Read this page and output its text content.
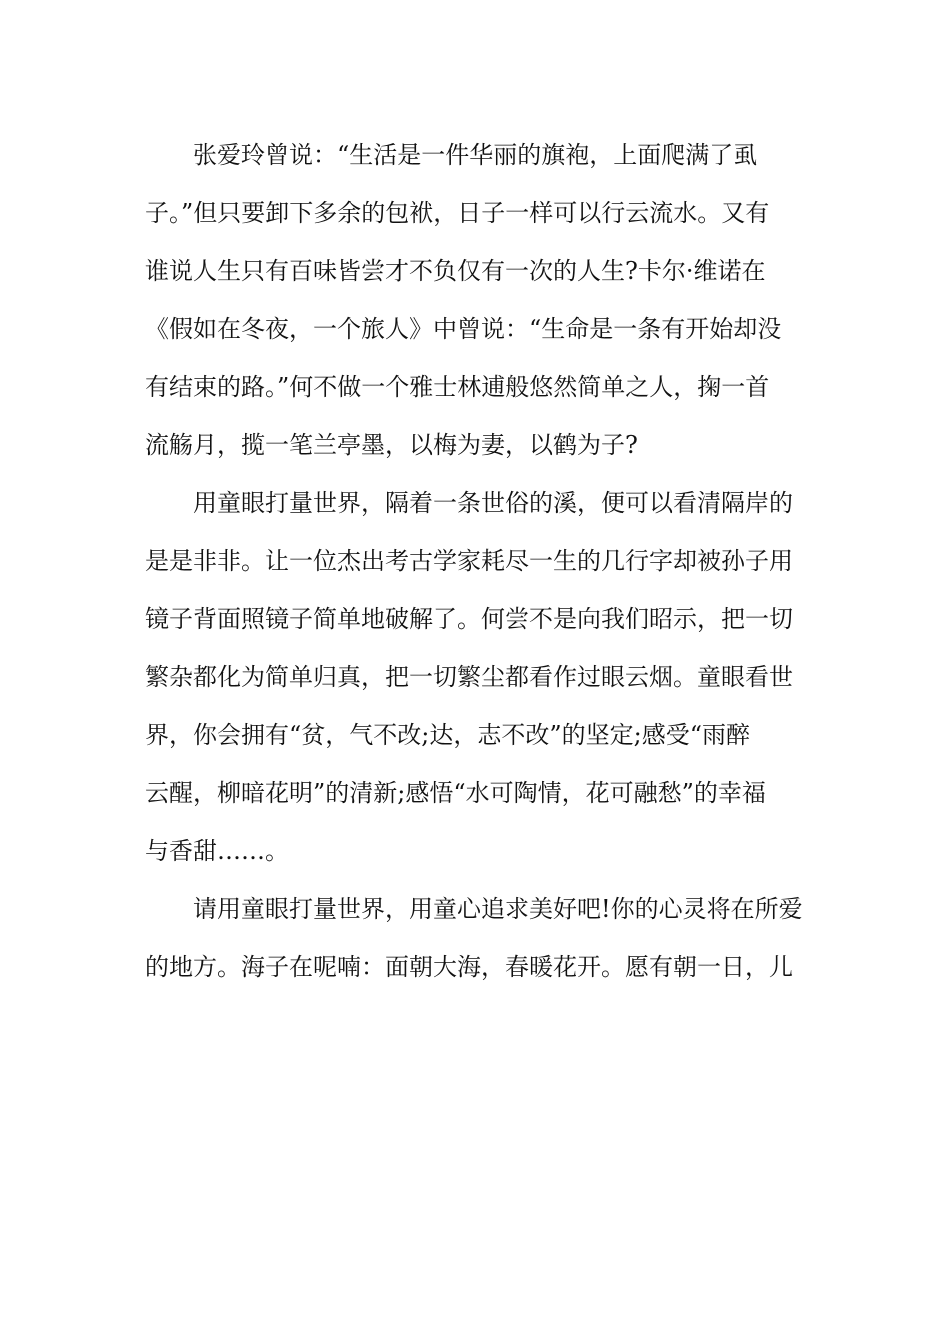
张爱玲曾说：“生活是一件华丽的旗袍，上面爬满了虱
子。”但只要卸下多余的包袱，日子一样可以行云流水。又有
谁说人生只有百味皆尝才不负仅有一次的人生?卡尔·维诺在
《假如在冬夜，一个旅人》中曾说：“生命是一条有开始却没
有结束的路。”何不做一个雅士林逋般悠然简单之人，掬一首
流觞月，揽一笔兰亭墨，以梅为妻，以鹤为子?
用童眼打量世界，隔着一条世俗的溪，便可以看清隔岸的
是是非非。让一位杰出考古学家耗尽一生的几行字却被孙子用
镜子背面照镜子简单地破解了。何尝不是向我们昭示，把一切
繁杂都化为简单归真，把一切繁尘都看作过眼云烟。童眼看世
界，你会拥有“贫，气不改;达，志不改”的坚定;感受“雨醉
云醒，柳暗花明”的清新;感悟“水可陶情，花可融愁”的幸福
与香甜……。
请用童眼打量世界，用童心追求美好吧!你的心灵将在所爱
的地方。海子在呢喃：面朝大海，春暖花开。愿有朝一日，儿
